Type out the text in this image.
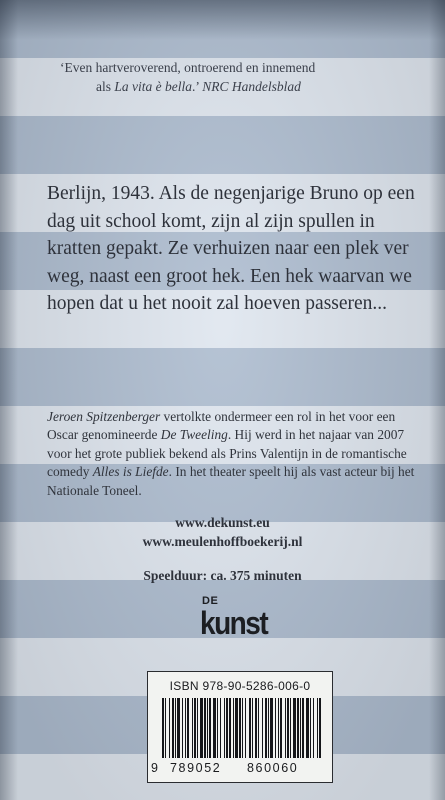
‘Even hartveroverend, ontroerend en innemend
als La vita è bella.’ NRC Handelsblad
Berlijn, 1943. Als de negenjarige Bruno op een dag uit school komt, zijn al zijn spullen in kratten gepakt. Ze verhuizen naar een plek ver weg, naast een groot hek. Een hek waarvan we hopen dat u het nooit zal hoeven passeren...
Jeroen Spitzenberger vertolkte ondermeer een rol in het voor een Oscar genomineerde De Tweeling. Hij werd in het najaar van 2007 voor het grote publiek bekend als Prins Valentijn in de romantische comedy Alles is Liefde. In het theater speelt hij als vast acteur bij het Nationale Toneel.
www.dekunst.eu
www.meulenhoffboekerij.nl
Speelduur: ca. 375 minuten
DE
kunst
ISBN 978-90-5286-006-0
9 789052 860060
